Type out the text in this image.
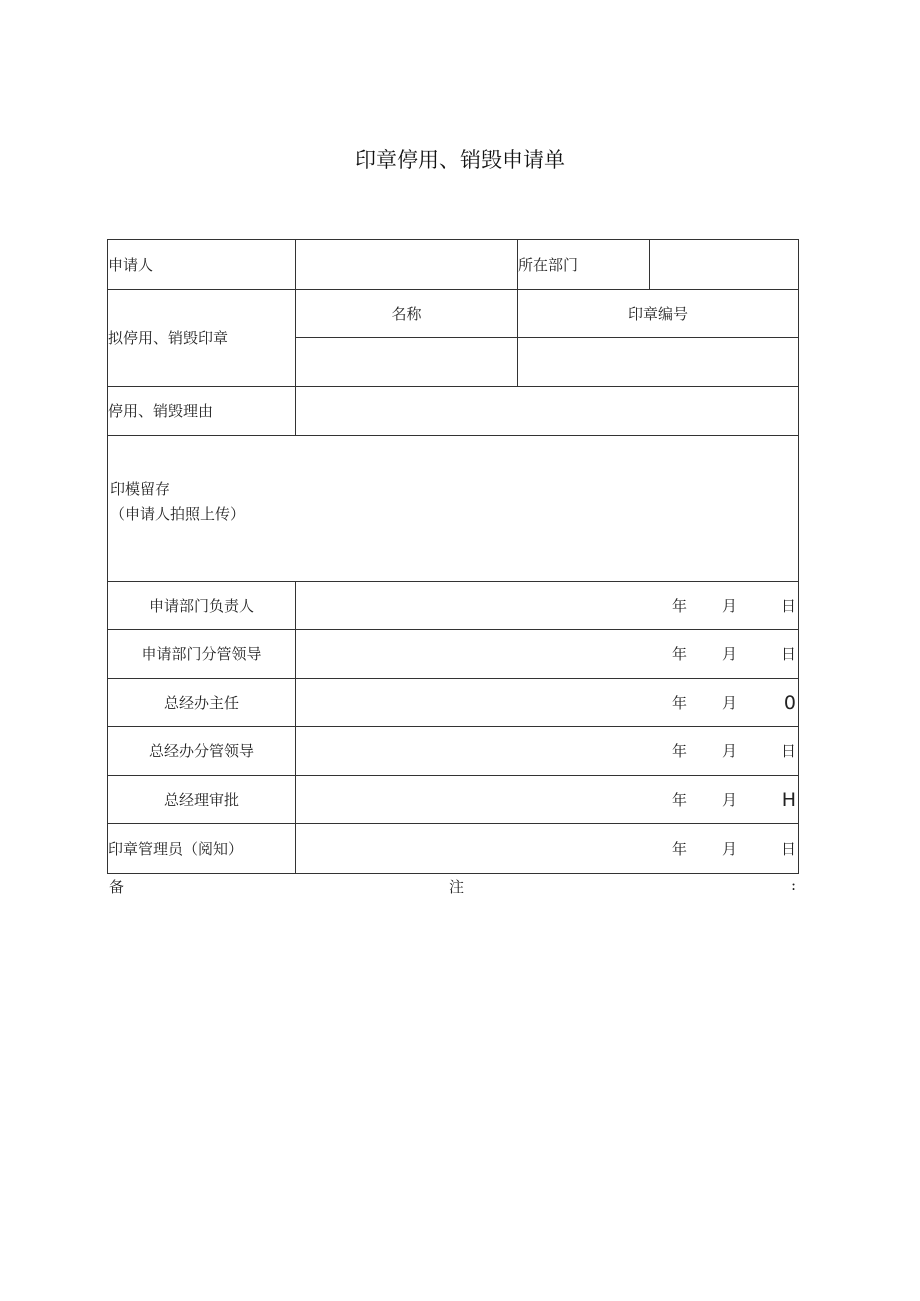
印章停用、销毁申请单
申请人		所在部门	
拟停用、销毁印章	名称	印章编号	

停用、销毁理由			

印模留存
（申请人拍照上传）			

申请部门负责人	年 月 日		

申请部门分管领导	年 月 日		

总经办主任	年 月 0		

总经办分管领导	年 月 日		

总经理审批	年 月 H		

印章管理员（阅知）	年 月 日		
备	注	:
